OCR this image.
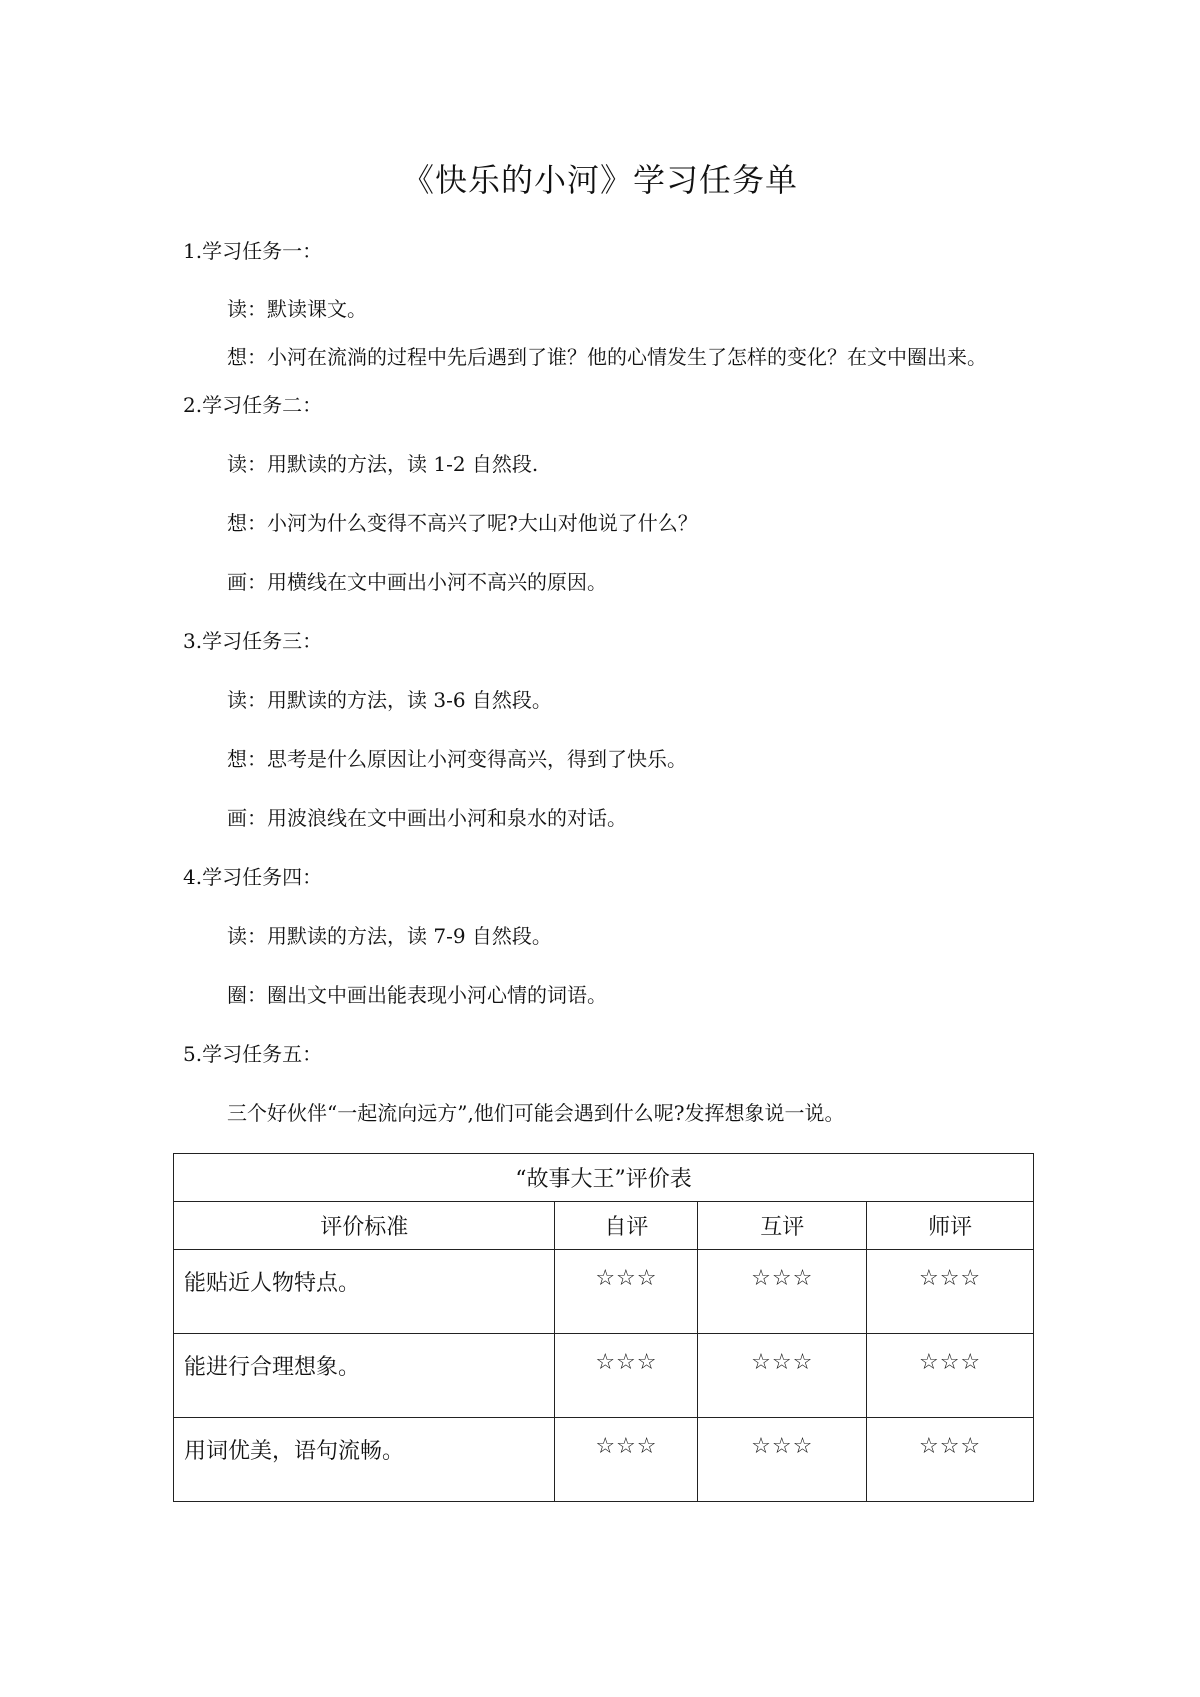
《快乐的小河》学习任务单
1.学习任务一：
读：默读课文。
想：小河在流淌的过程中先后遇到了谁？他的心情发生了怎样的变化？在文中圈出来。
2.学习任务二：
读：用默读的方法，读 1-2 自然段.
想：小河为什么变得不高兴了呢?大山对他说了什么？
画：用横线在文中画出小河不高兴的原因。
3.学习任务三：
读：用默读的方法，读 3-6 自然段。
想：思考是什么原因让小河变得高兴，得到了快乐。
画：用波浪线在文中画出小河和泉水的对话。
4.学习任务四：
读：用默读的方法，读 7-9 自然段。
圈：圈出文中画出能表现小河心情的词语。
5.学习任务五：
三个好伙伴“一起流向远方”,他们可能会遇到什么呢?发挥想象说一说。
“故事大王”评价表			
评价标准	自评	互评	师评
能贴近人物特点。	☆☆☆	☆☆☆	☆☆☆
能进行合理想象。	☆☆☆	☆☆☆	☆☆☆
用词优美，语句流畅。	☆☆☆	☆☆☆	☆☆☆
